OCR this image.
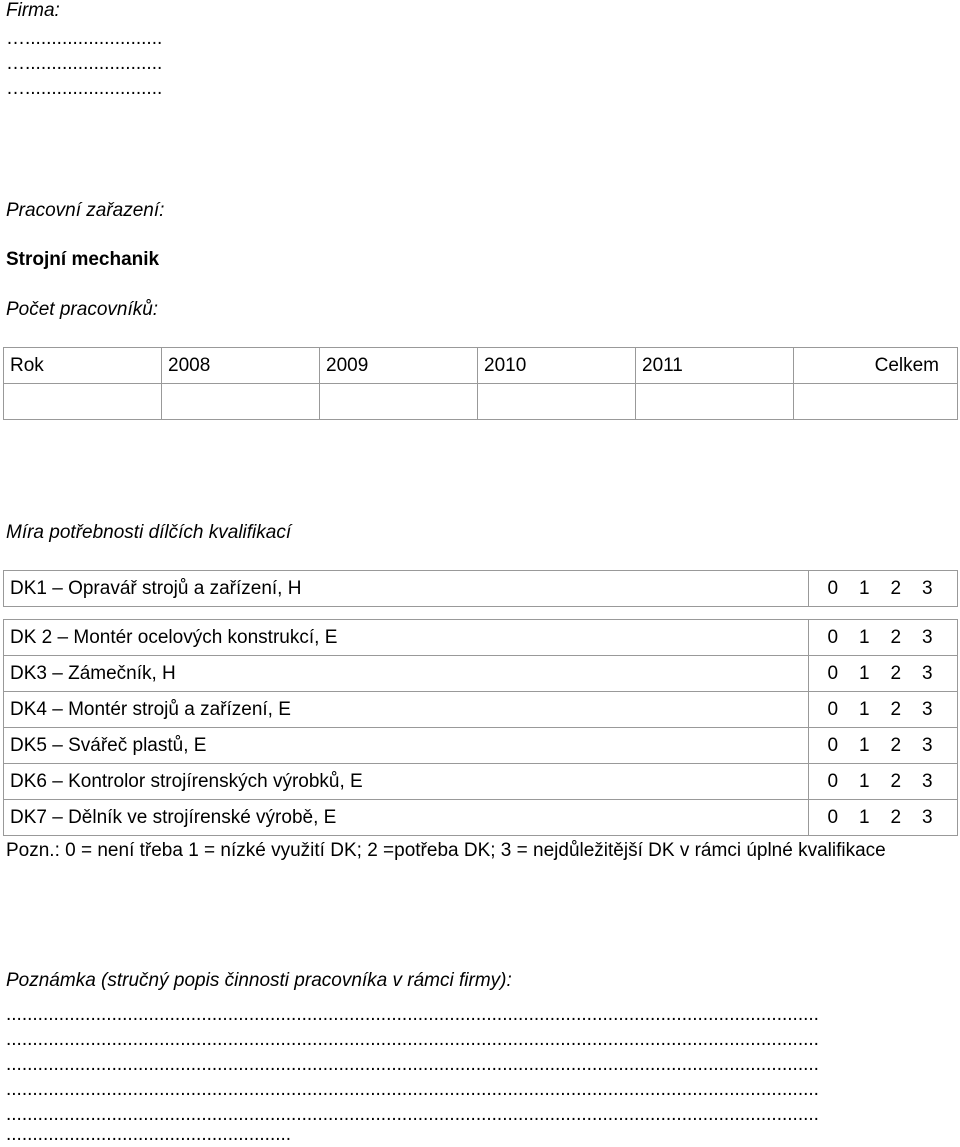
Firma:
…..........................
…..........................
…..........................
Pracovní zařazení:
Strojní mechanik
Počet pracovníků:
Rok	2008	2009	2010	2011	Celkem

Míra potřebnosti dílčích kvalifikací
DK1 – Opravář strojů a zařízení, H	0 1 2 3

DK 2 – Montér ocelových konstrukcí, E	0 1 2 3

DK3 – Zámečník, H	0 1 2 3

DK4 – Montér strojů a zařízení, E	0 1 2 3

DK5 – Svářeč plastů, E	0 1 2 3

DK6 – Kontrolor strojírenských výrobků, E	0 1 2 3

DK7 – Dělník ve strojírenské výrobě, E	0 1 2 3
Pozn.: 0 = není třeba 1 = nízké využití DK; 2 =potřeba DK; 3 = nejdůležitější DK v rámci úplné kvalifikace
Poznámka (stručný popis činnosti pracovníka v rámci firmy):
..........................................................................................................................................................
..........................................................................................................................................................
..........................................................................................................................................................
..........................................................................................................................................................
..........................................................................................................................................................
......................................................
